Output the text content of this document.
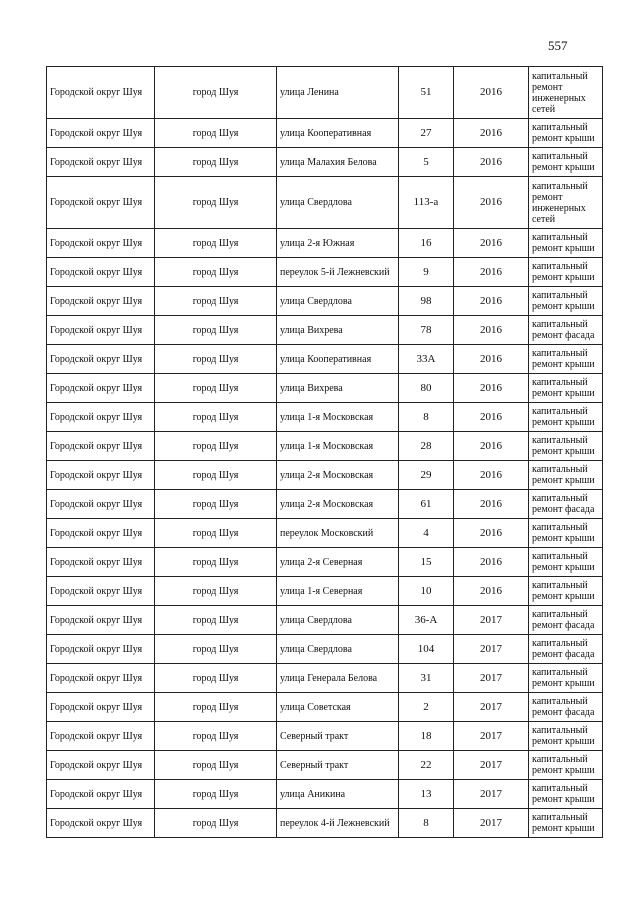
557
Городской округ Шуя	город Шуя	улица Ленина	51	2016	капитальный ремонт инженерных сетей
Городской округ Шуя	город Шуя	улица Кооперативная	27	2016	капитальный ремонт крыши
Городской округ Шуя	город Шуя	улица Малахия Белова	5	2016	капитальный ремонт крыши
Городской округ Шуя	город Шуя	улица Свердлова	113-а	2016	капитальный ремонт инженерных сетей
Городской округ Шуя	город Шуя	улица 2-я Южная	16	2016	капитальный ремонт крыши
Городской округ Шуя	город Шуя	переулок 5-й Лежневский	9	2016	капитальный ремонт крыши
Городской округ Шуя	город Шуя	улица Свердлова	98	2016	капитальный ремонт крыши
Городской округ Шуя	город Шуя	улица Вихрева	78	2016	капитальный ремонт фасада
Городской округ Шуя	город Шуя	улица Кооперативная	33А	2016	капитальный ремонт крыши
Городской округ Шуя	город Шуя	улица Вихрева	80	2016	капитальный ремонт крыши
Городской округ Шуя	город Шуя	улица 1-я Московская	8	2016	капитальный ремонт крыши
Городской округ Шуя	город Шуя	улица 1-я Московская	28	2016	капитальный ремонт крыши
Городской округ Шуя	город Шуя	улица 2-я Московская	29	2016	капитальный ремонт крыши
Городской округ Шуя	город Шуя	улица 2-я Московская	61	2016	капитальный ремонт фасада
Городской округ Шуя	город Шуя	переулок Московский	4	2016	капитальный ремонт крыши
Городской округ Шуя	город Шуя	улица 2-я Северная	15	2016	капитальный ремонт крыши
Городской округ Шуя	город Шуя	улица 1-я Северная	10	2016	капитальный ремонт крыши
Городской округ Шуя	город Шуя	улица Свердлова	36-А	2017	капитальный ремонт фасада
Городской округ Шуя	город Шуя	улица Свердлова	104	2017	капитальный ремонт фасада
Городской округ Шуя	город Шуя	улица Генерала Белова	31	2017	капитальный ремонт крыши
Городской округ Шуя	город Шуя	улица Советская	2	2017	капитальный ремонт фасада
Городской округ Шуя	город Шуя	Северный тракт	18	2017	капитальный ремонт крыши
Городской округ Шуя	город Шуя	Северный тракт	22	2017	капитальный ремонт крыши
Городской округ Шуя	город Шуя	улица Аникина	13	2017	капитальный ремонт крыши
Городской округ Шуя	город Шуя	переулок 4-й Лежневский	8	2017	капитальный ремонт крыши
